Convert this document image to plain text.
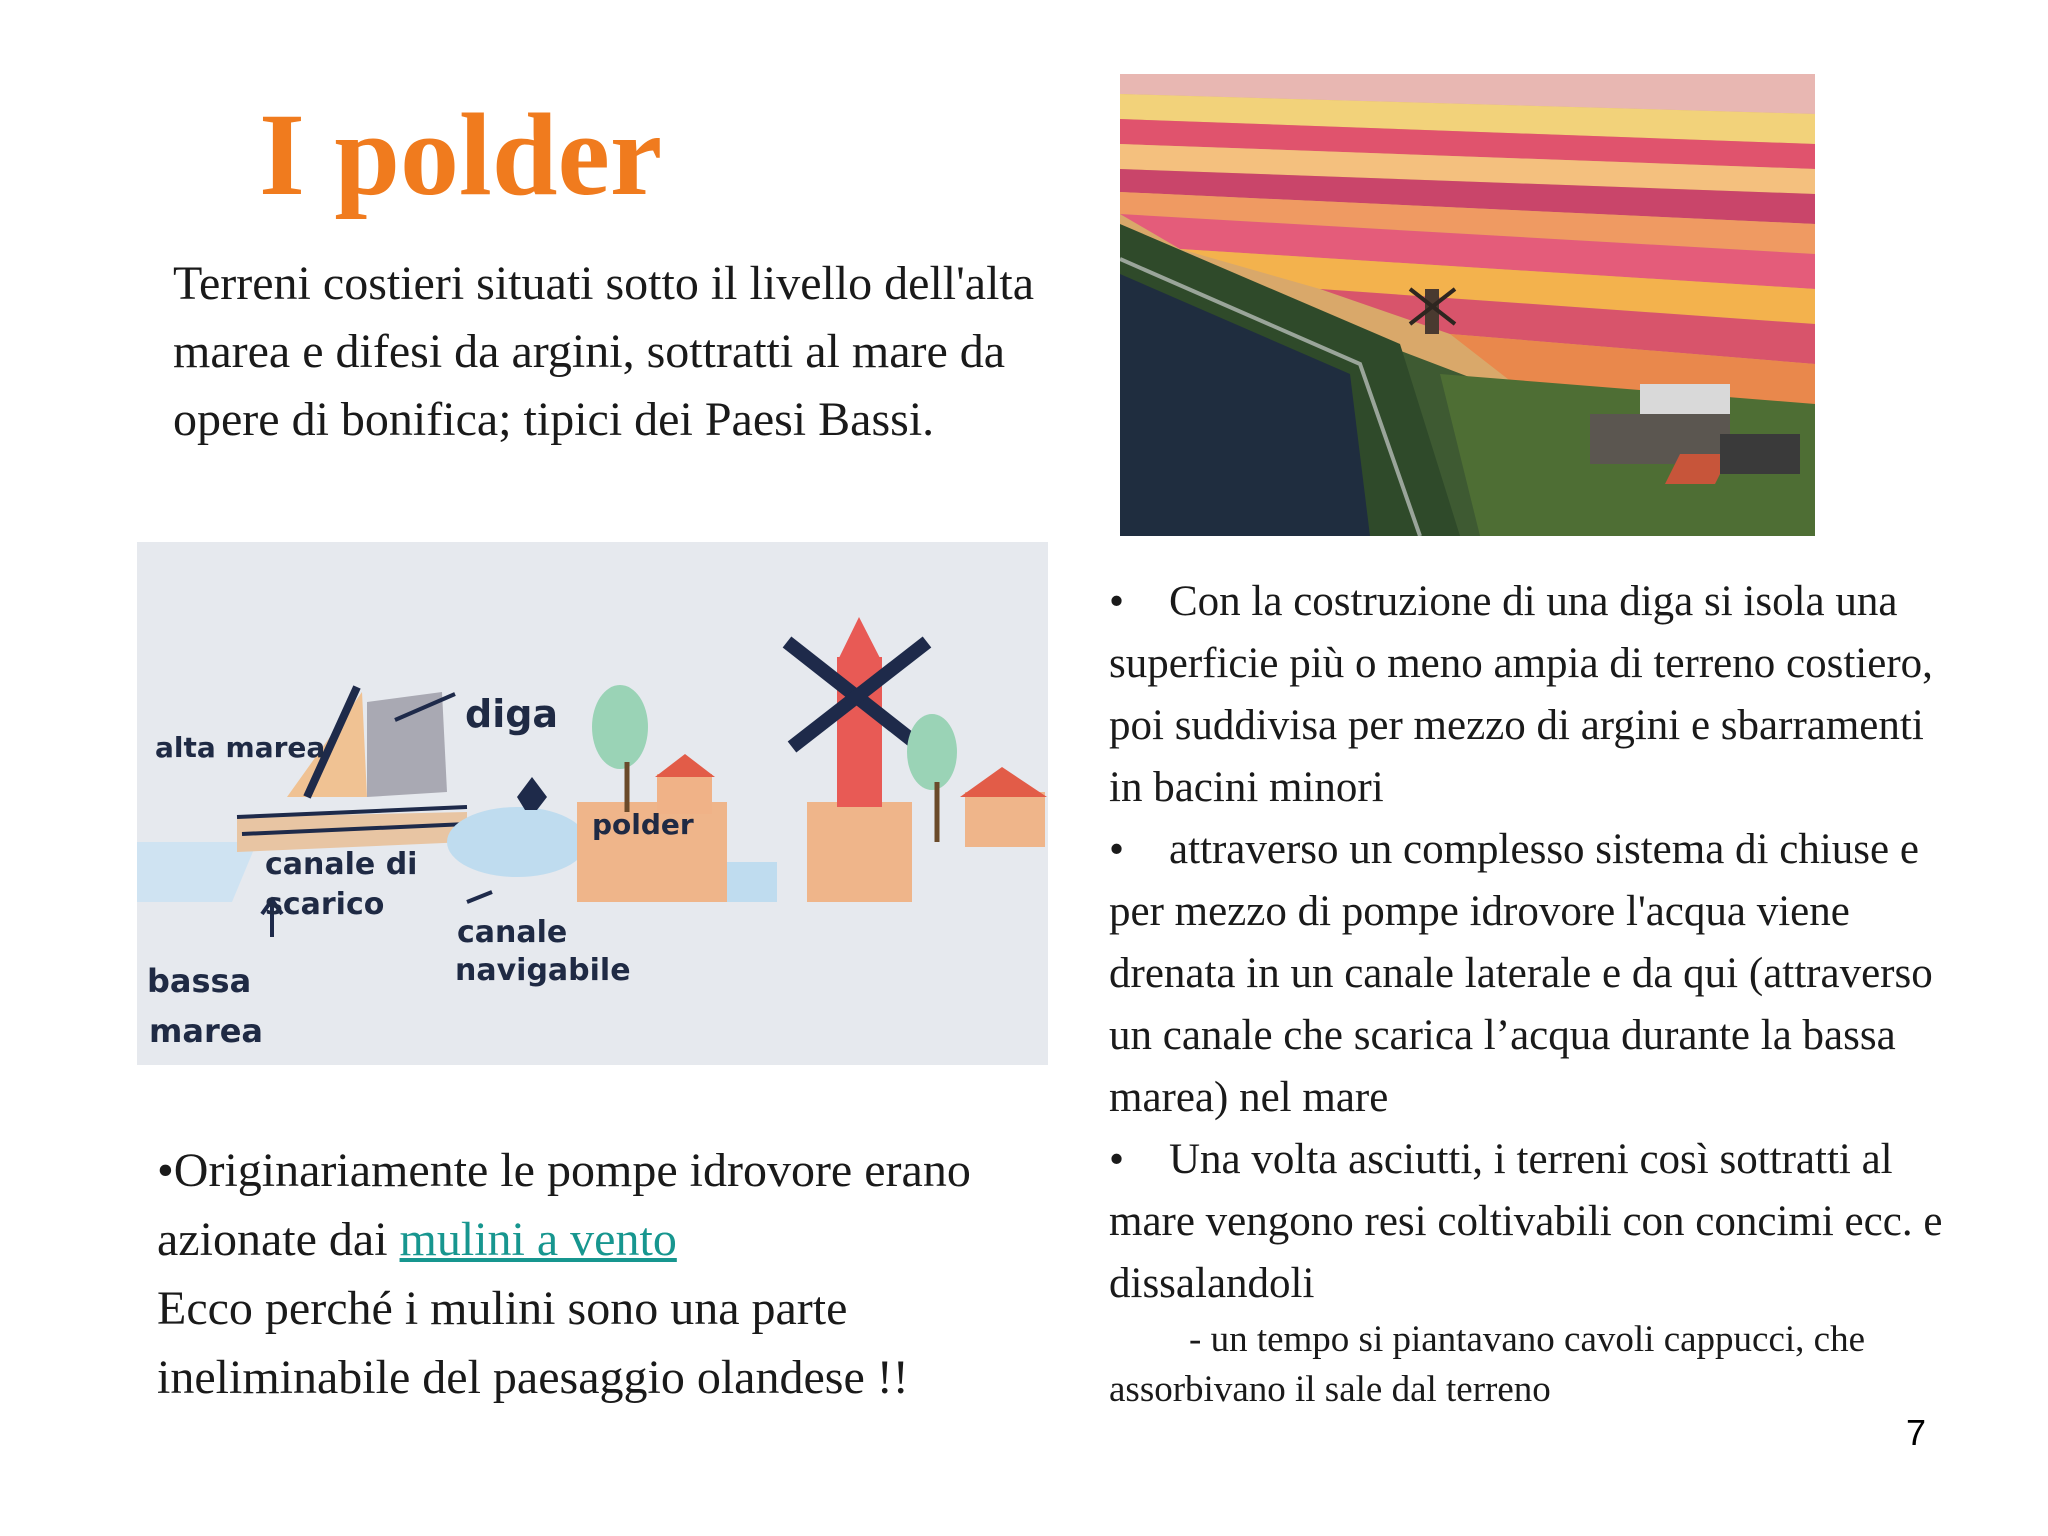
I polder

Terreni costieri situati sotto il livello dell'alta marea e difesi da argini, sottratti al mare da opere di bonifica; tipici dei Paesi Bassi.

alta marea
diga
polder
canale di
scarico
canale
navigabile
bassa
marea
• Con la costruzione di una diga si isola una superficie più o meno ampia di terreno costiero, poi suddivisa per mezzo di argini e sbarramenti in bacini minori
• attraverso un complesso sistema di chiuse e per mezzo di pompe idrovore l'acqua viene drenata in un canale laterale e da qui (attraverso un canale che scarica l’acqua durante la bassa marea) nel mare
• Una volta asciutti, i terreni così sottratti al mare vengono resi coltivabili con concimi ecc. e dissalandoli
- un tempo si piantavano cavoli cappucci, che assorbivano il sale dal terreno

•Originariamente le pompe idrovore erano azionate dai mulini a vento
Ecco perché i mulini sono una parte ineliminabile del paesaggio olandese !!

7
